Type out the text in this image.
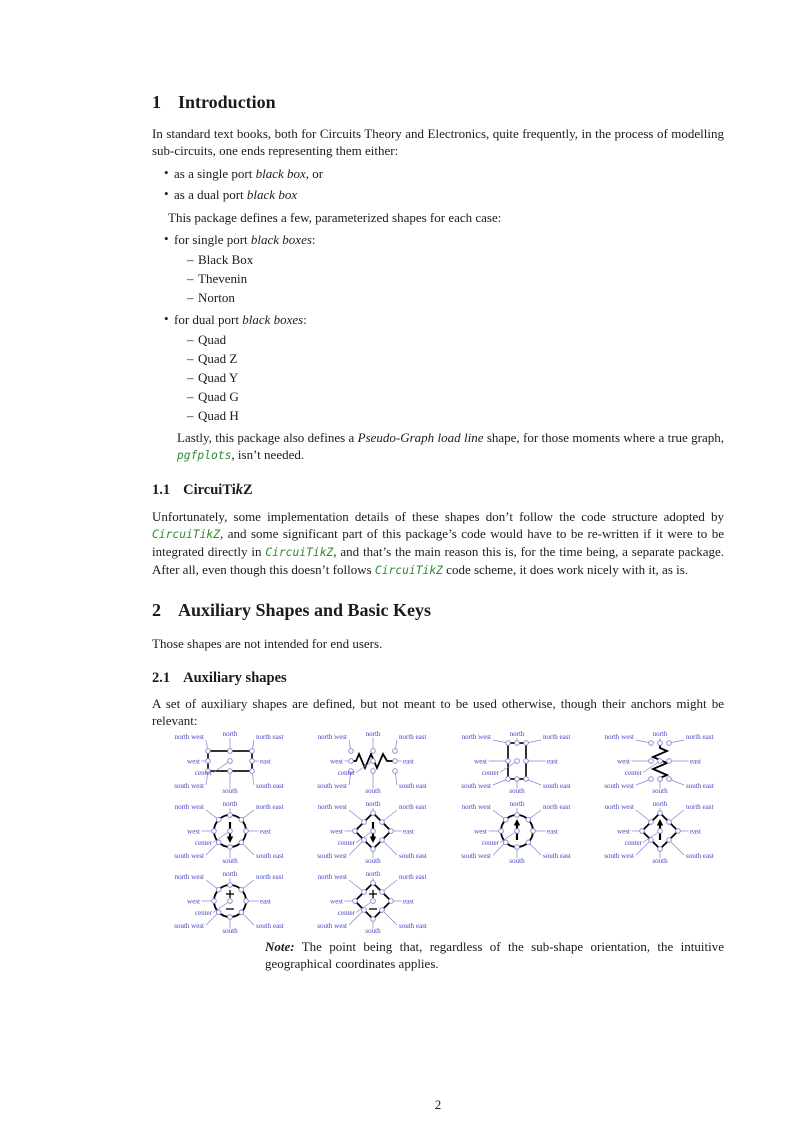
1 Introduction

In standard text books, both for Circuits Theory and Electronics, quite frequently, in the process of modelling sub-circuits, one ends representing them either:

• as a single port black box, or
• as a dual port black box

This package defines a few, parameterized shapes for each case:

• for single port black boxes:
– Black Box
– Thevenin
– Norton
• for dual port black boxes:
– Quad
– Quad Z
– Quad Y
– Quad G
– Quad H

Lastly, this package also defines a Pseudo-Graph load line shape, for those moments where a true graph, pgfplots, isn’t needed.

1.1 CircuiTikZ

Unfortunately, some implementation details of these shapes don’t follow the code structure adopted by CircuiTikZ, and some significant part of this package’s code would have to be re-written if it were to be integrated directly in CircuiTikZ, and that’s the main reason this is, for the time being, a separate package. After all, even though this doesn’t follows CircuiTikZ code scheme, it does work nicely with it, as is.

2 Auxiliary Shapes and Basic Keys

Those shapes are not intended for end users.

2.1 Auxiliary shapes

A set of auxiliary shapes are defined, but not meant to be used otherwise, though their anchors might be relevant:

north west	north	north east
west
center
east
south west
south
south east
north west	north	north east
west
center
east
south west
south
south east
north west	north	north east
west
center
east
south west
south
south east
north west	north	north east
west
center
east
south west
south
south east
north west	north	north east
west
center
east
south west
south
south east
north west	north	north east
west
center
east
south west
south
south east
north west	north	north east
west
center
east
south west
south
south east
north west	north	north east
west
center
east
south west
south
south east
north west	north	north east
west
center
east
south west
south
south east
north west	north	north east
west
center
east
south west
south
south east

Note: The point being that, regardless of the sub-shape orientation, the intuitive geographical coordinates applies.

2
